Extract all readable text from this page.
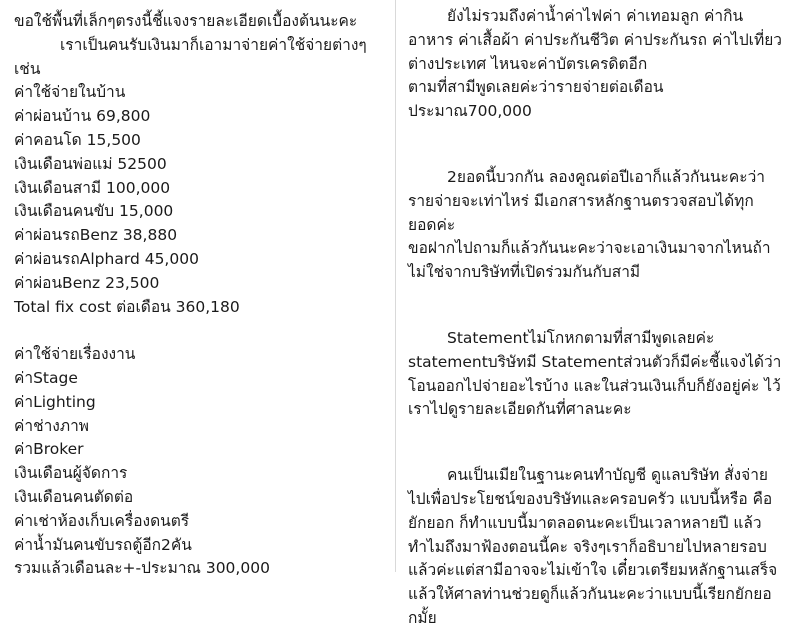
ขอใช้พื้นที่เล็กๆตรงนี้ชี้แจงรายละเอียดเบื้องต้นนะคะ
เราเป็นคนรับเงินมาก็เอามาจ่ายค่าใช้จ่ายต่างๆ
เช่น
ค่าใช้จ่ายในบ้าน
ค่าผ่อนบ้าน 69,800
ค่าคอนโด 15,500
เงินเดือนพ่อแม่ 52500
เงินเดือนสามี 100,000
เงินเดือนคนขับ 15,000
ค่าผ่อนรถBenz 38,880
ค่าผ่อนรถAlphard 45,000
ค่าผ่อนBenz 23,500
Total fix cost ต่อเดือน 360,180
ค่าใช้จ่ายเรื่องงาน
ค่าStage
ค่าLighting
ค่าช่างภาพ
ค่าBroker
เงินเดือนผู้จัดการ
เงินเดือนคนตัดต่อ
ค่าเช่าห้องเก็บเครื่องดนตรี
ค่าน้ำมันคนขับรถตู้อีก2คัน
รวมแล้วเดือนละ+-ประมาณ 300,000
ยังไม่รวมถึงค่าน้ำค่าไฟค่า ค่าเทอมลูก ค่ากิน
อาหาร ค่าเสื้อผ้า ค่าประกันชีวิต ค่าประกันรถ ค่าไปเที่ยว
ต่างประเทศ ไหนจะค่าบัตรเครดิตอีก
ตามที่สามีพูดเลยค่ะว่ารายจ่ายต่อเดือน
ประมาณ700,000
2ยอดนี้บวกกัน ลองคูณต่อปีเอาก็แล้วกันนะคะว่า
รายจ่ายจะเท่าไหร่ มีเอกสารหลักฐานตรวจสอบได้ทุก
ยอดค่ะ
ขอฝากไปถามก็แล้วกันนะคะว่าจะเอาเงินมาจากไหนถ้า
ไม่ใช่จากบริษัทที่เปิดร่วมกันกับสามี
Statementไม่โกหกตามที่สามีพูดเลยค่ะ
statementบริษัทมี Statementส่วนตัวก็มีค่ะชี้แจงได้ว่า
โอนออกไปจ่ายอะไรบ้าง และในส่วนเงินเก็บก็ยังอยู่ค่ะ ไว้
เราไปดูรายละเอียดกันที่ศาลนะคะ
คนเป็นเมียในฐานะคนทำบัญชี ดูแลบริษัท สั่งจ่าย
ไปเพื่อประโยชน์ของบริษัทและครอบครัว แบบนี้หรือ คือ
ยักยอก ก็ทำแบบนี้มาตลอดนะคะเป็นเวลาหลายปี แล้ว
ทำไมถึงมาฟ้องตอนนี้คะ จริงๆเราก็อธิบายไปหลายรอบ
แล้วค่ะแต่สามีอาจจะไม่เข้าใจ เดี๋ยวเตรียมหลักฐานเสร็จ
แล้วให้ศาลท่านช่วยดูก็แล้วกันนะคะว่าแบบนี้เรียกยักยอ
กมั้ย
